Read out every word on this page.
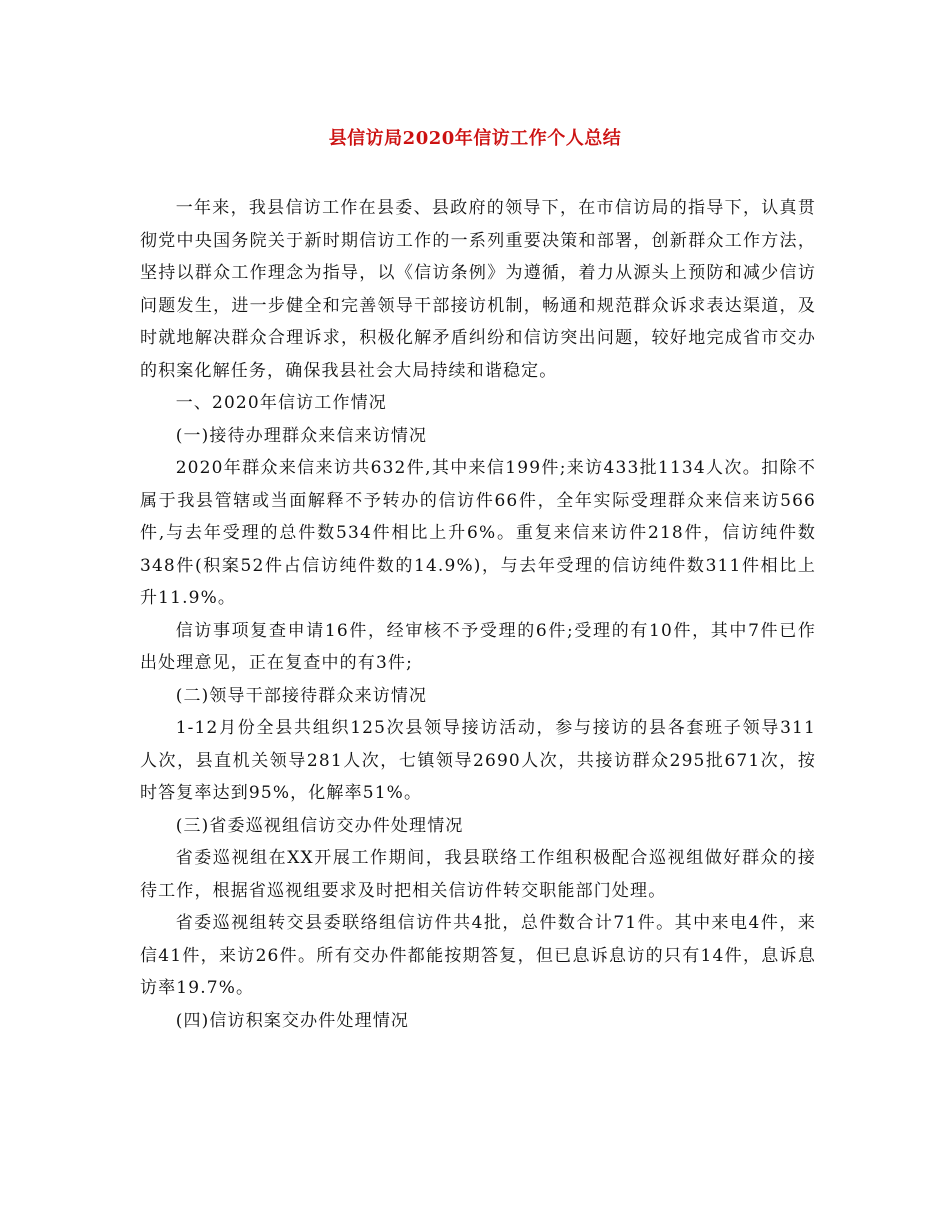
县信访局2020年信访工作个人总结

一年来，我县信访工作在县委、县政府的领导下，在市信访局的指导下，认真贯彻党中央国务院关于新时期信访工作的一系列重要决策和部署，创新群众工作方法，坚持以群众工作理念为指导，以《信访条例》为遵循，着力从源头上预防和减少信访问题发生，进一步健全和完善领导干部接访机制，畅通和规范群众诉求表达渠道，及时就地解决群众合理诉求，积极化解矛盾纠纷和信访突出问题，较好地完成省市交办的积案化解任务，确保我县社会大局持续和谐稳定。

一、2020年信访工作情况

(一)接待办理群众来信来访情况

2020年群众来信来访共632件,其中来信199件;来访433批1134人次。扣除不属于我县管辖或当面解释不予转办的信访件66件，全年实际受理群众来信来访566件,与去年受理的总件数534件相比上升6%。重复来信来访件218件，信访纯件数348件(积案52件占信访纯件数的14.9%)，与去年受理的信访纯件数311件相比上升11.9%。

信访事项复查申请16件，经审核不予受理的6件;受理的有10件，其中7件已作出处理意见，正在复查中的有3件;

(二)领导干部接待群众来访情况

1-12月份全县共组织125次县领导接访活动，参与接访的县各套班子领导311人次，县直机关领导281人次，七镇领导2690人次，共接访群众295批671次，按时答复率达到95%，化解率51%。

(三)省委巡视组信访交办件处理情况

省委巡视组在XX开展工作期间，我县联络工作组积极配合巡视组做好群众的接待工作，根据省巡视组要求及时把相关信访件转交职能部门处理。

省委巡视组转交县委联络组信访件共4批，总件数合计71件。其中来电4件，来信41件，来访26件。所有交办件都能按期答复，但已息诉息访的只有14件，息诉息访率19.7%。

(四)信访积案交办件处理情况
